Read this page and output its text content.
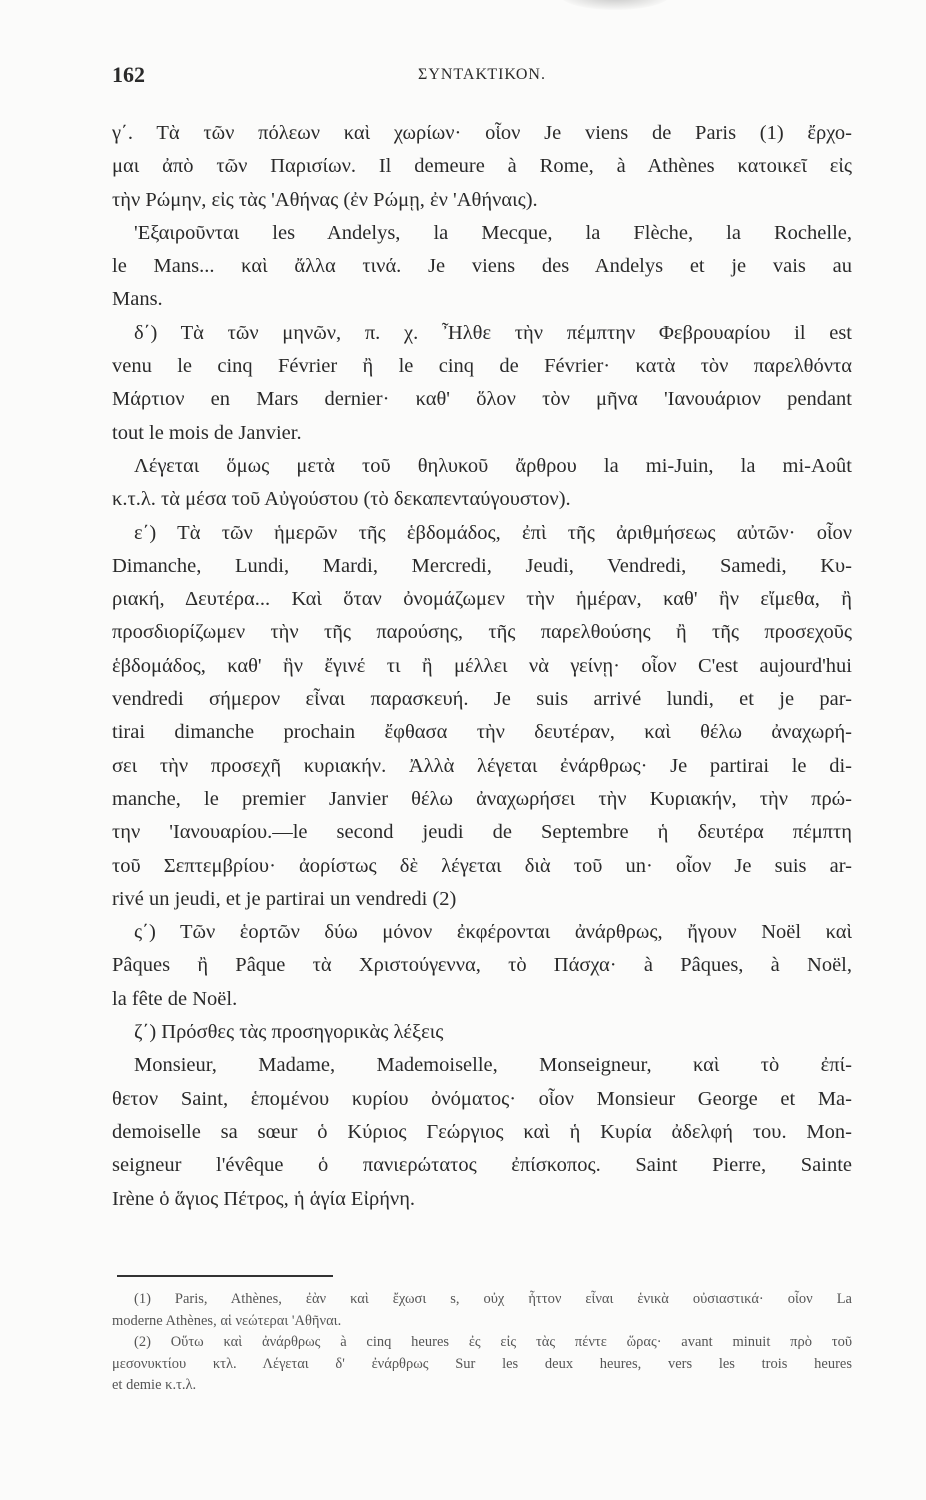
162	ΣΥΝΤΑΚΤΙΚΟΝ.
γ΄. Τὰ τῶν πόλεων καὶ χωρίων· οἷον Je viens de Paris (1) ἔρχο-
μαι ἀπὸ τῶν Παρισίων. Il demeure à Rome, à Athènes κατοικεῖ εἰς
τὴν Ρώμην, εἰς τὰς 'Αθήνας (ἐν Ρώμῃ, ἐν 'Αθήναις).
'Εξαιροῦνται les Andelys, la Mecque, la Flèche, la Rochelle,
le Mans... καὶ ἄλλα τινά. Je viens des Andelys et je vais au
Mans.
δ΄) Τὰ τῶν μηνῶν, π. χ. Ἦλθε τὴν πέμπτην Φεβρουαρίου il est
venu le cinq Février ἢ le cinq de Février· κατὰ τὸν παρελθόντα
Μάρτιον en Mars dernier· καθ' ὅλον τὸν μῆνα 'Ιανουάριον pendant
tout le mois de Janvier.
Λέγεται ὅμως μετὰ τοῦ θηλυκοῦ ἄρθρου la mi-Juin, la mi-Août
κ.τ.λ. τὰ μέσα τοῦ Αὐγούστου (τὸ δεκαπενταύγουστον).
ε΄) Τὰ τῶν ἡμερῶν τῆς ἑβδομάδος, ἐπὶ τῆς ἀριθμήσεως αὐτῶν· οἷον
Dimanche, Lundi, Mardi, Mercredi, Jeudi, Vendredi, Samedi, Κυ-
ριακή, Δευτέρα... Καὶ ὅταν ὀνομάζωμεν τὴν ἡμέραν, καθ' ἣν εἴμεθα, ἢ
προσδιορίζωμεν τὴν τῆς παρούσης, τῆς παρελθούσης ἢ τῆς προσεχοῦς
ἑβδομάδος, καθ' ἣν ἔγινέ τι ἢ μέλλει νὰ γείνῃ· οἷον C'est aujourd'hui
vendredi σήμερον εἶναι παρασκευή. Je suis arrivé lundi, et je par-
tirai dimanche prochain ἔφθασα τὴν δευτέραν, καὶ θέλω ἀναχωρή-
σει τὴν προσεχῆ κυριακήν. Ἀλλὰ λέγεται ἐνάρθρως· Je partirai le di-
manche, le premier Janvier θέλω ἀναχωρήσει τὴν Κυριακήν, τὴν πρώ-
την 'Ιανουαρίου.—le second jeudi de Septembre ἡ δευτέρα πέμπτη
τοῦ Σεπτεμβρίου· ἀορίστως δὲ λέγεται διὰ τοῦ un· οἷον Je suis ar-
rivé un jeudi, et je partirai un vendredi (2)
ς΄) Τῶν ἑορτῶν δύω μόνον ἐκφέρονται ἀνάρθρως, ἤγουν Noël καὶ
Pâques ἢ Pâque τὰ Χριστούγεννα, τὸ Πάσχα· à Pâques, à Noël,
la fête de Noël.
ζ΄) Πρόσθες τὰς προσηγορικὰς λέξεις
Monsieur, Madame, Mademoiselle, Monseigneur, καὶ τὸ ἐπί-
θετον Saint, ἑπομένου κυρίου ὀνόματος· οἷον Monsieur George et Ma-
demoiselle sa sœur ὁ Κύριος Γεώργιος καὶ ἡ Κυρία ἀδελφή του. Mon-
seigneur l'évêque ὁ πανιερώτατος ἐπίσκοπος. Saint Pierre, Sainte
Irène ὁ ἅγιος Πέτρος, ἡ ἁγία Εἰρήνη.
(1) Paris, Athènes, ἐὰν καὶ ἔχωσι s, οὐχ ἧττον εἶναι ἑνικὰ οὐσιαστικά· οἷον La
moderne Athènes, αἱ νεώτεραι 'Αθῆναι.
(2) Οὕτω καὶ ἀνάρθρως à cinq heures ἐς εἰς τὰς πέντε ὥρας· avant minuit πρὸ τοῦ
μεσονυκτίου κτλ. Λέγεται δ' ἐνάρθρως Sur les deux heures, vers les trois heures
et demie κ.τ.λ.
